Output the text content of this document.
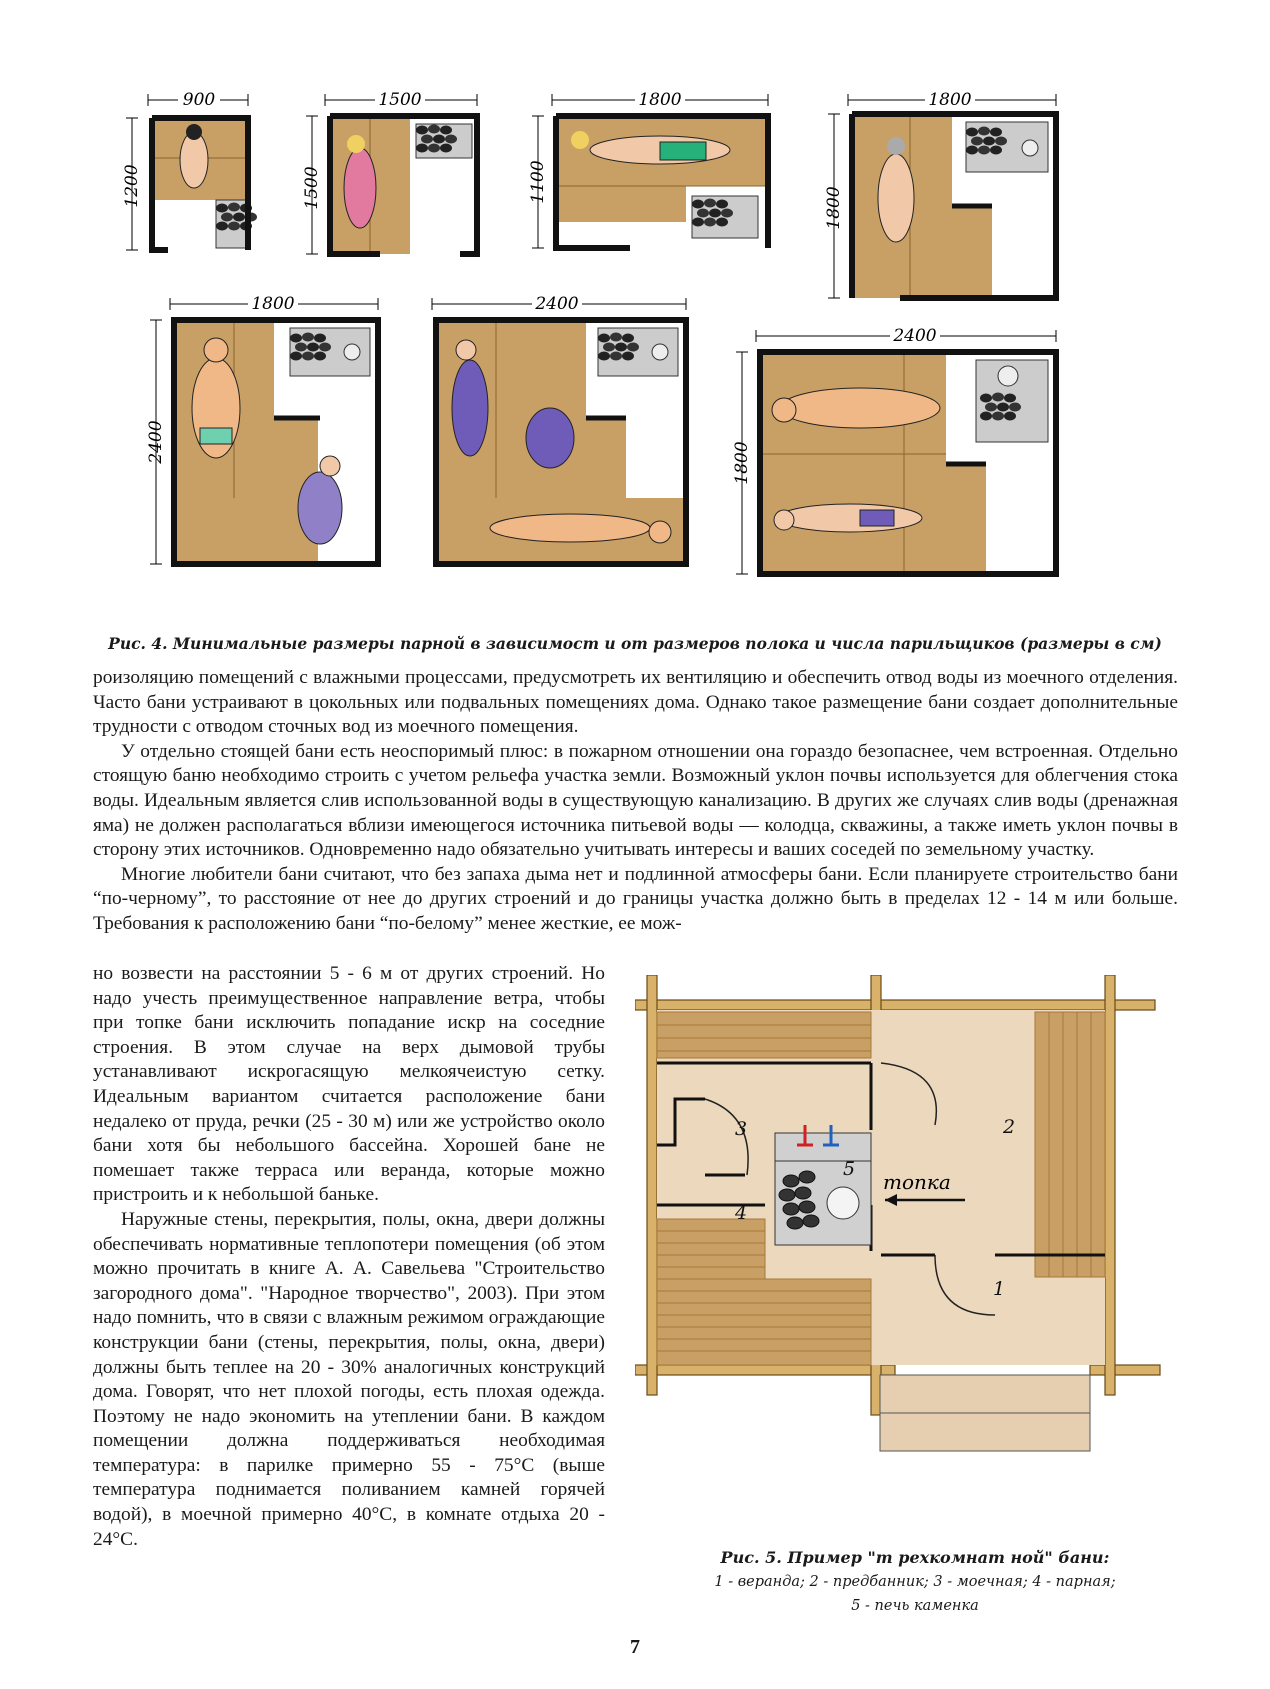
900
1200
1500
1500
1800
1100
1800
1800
1800
2400
2400
2400
1800
Рис. 4. Минимальные размеры парной в зависимост и от размеров полока и числа парильщиков (размеры в см)

роизоляцию помещений с влажными процессами, предусмотреть их вентиляцию и обеспечить отвод воды из моечного отделения. Часто бани устраивают в цокольных или подвальных помещениях дома. Однако такое размещение бани создает дополнительные трудности с отводом сточных вод из моечного помещения.

У отдельно стоящей бани есть неоспоримый плюс: в пожарном отношении она гораздо безопаснее, чем встроенная. Отдельно стоящую баню необходимо строить с учетом рельефа участка земли. Возможный уклон почвы используется для облегчения стока воды. Идеальным является слив использованной воды в существующую канализацию. В других же случаях слив воды (дренажная яма) не должен располагаться вблизи имеющегося источника питьевой воды — колодца, скважины, а также иметь уклон почвы в сторону этих источников. Одновременно надо обязательно учитывать интересы и ваших соседей по земельному участку.

Многие любители бани считают, что без запаха дыма нет и подлинной атмосферы бани. Если планируете строительство бани “по-черному”, то расстояние от нее до других строений и до границы участка должно быть в пределах 12 - 14 м или больше. Требования к расположению бани “по-белому” менее жесткие, ее мож-

но возвести на расстоянии 5 - 6 м от других строений. Но надо учесть преимущественное направление ветра, чтобы при топке бани исключить попадание искр на соседние строения. В этом случае на верх дымовой трубы устанавливают искрогасящую мелкоячеистую сетку. Идеальным вариантом считается расположение бани недалеко от пруда, речки (25 - 30 м) или же устройство около бани хотя бы небольшого бассейна. Хорошей бане не помешает также терраса или веранда, которые можно пристроить и к небольшой баньке.

Наружные стены, перекрытия, полы, окна, двери должны обеспечивать нормативные теплопотери помещения (об этом можно прочитать в книге А. А. Савельева "Строительство загородного дома". "Народное творчество", 2003). При этом надо помнить, что в связи с влажным режимом ограждающие конструкции бани (стены, перекрытия, полы, окна, двери) должны быть теплее на 20 - 30% аналогичных конструкций дома. Говорят, что нет плохой погоды, есть плохая одежда. Поэтому не надо экономить на утеплении бани. В каждом помещении должна поддерживаться необходимая температура: в парилке примерно 55 - 75°С (выше температура поднимается поливанием камней горячей водой), в моечной примерно 40°С, в комнате отдыха 20 - 24°С.

топка
1
2
3
4
5
Рис. 5. Пример "т рехкомнат ной" бани:
1 - веранда; 2 - предбанник; 3 - моечная; 4 - парная;
5 - печь каменка
7
